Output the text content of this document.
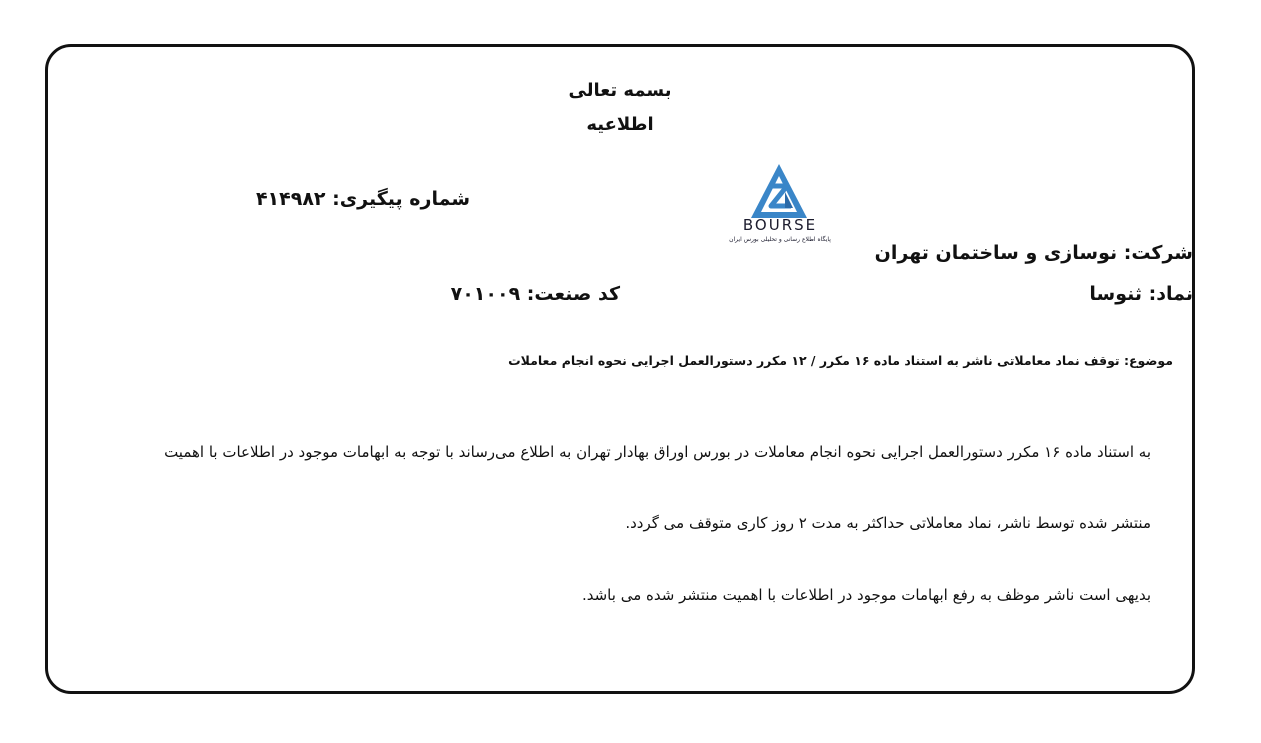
بسمه تعالی
اطلاعیه
شماره پیگیری: ۴۱۴۹۸۲
BOURSE
پایگاه اطلاع رسانی و تحلیلی بورس ایران
شرکت: نوسازی و ساختمان تهران
نماد: ثنوسا
کد صنعت: ۷۰۱۰۰۹
موضوع: توقف نماد معاملاتی ناشر به استناد ماده ۱۶ مکرر / ۱۲ مکرر دستورالعمل اجرایی نحوه انجام معاملات
به استناد ماده ۱۶ مکرر دستورالعمل اجرایی نحوه انجام معاملات در بورس اوراق بهادار تهران به اطلاع می‌رساند با توجه به ابهامات موجود در اطلاعات با اهمیت
منتشر شده توسط ناشر، نماد معاملاتی حداکثر به مدت ۲ روز کاری متوقف می گردد.
بدیهی است ناشر موظف به رفع ابهامات موجود در اطلاعات با اهمیت منتشر شده می باشد.
